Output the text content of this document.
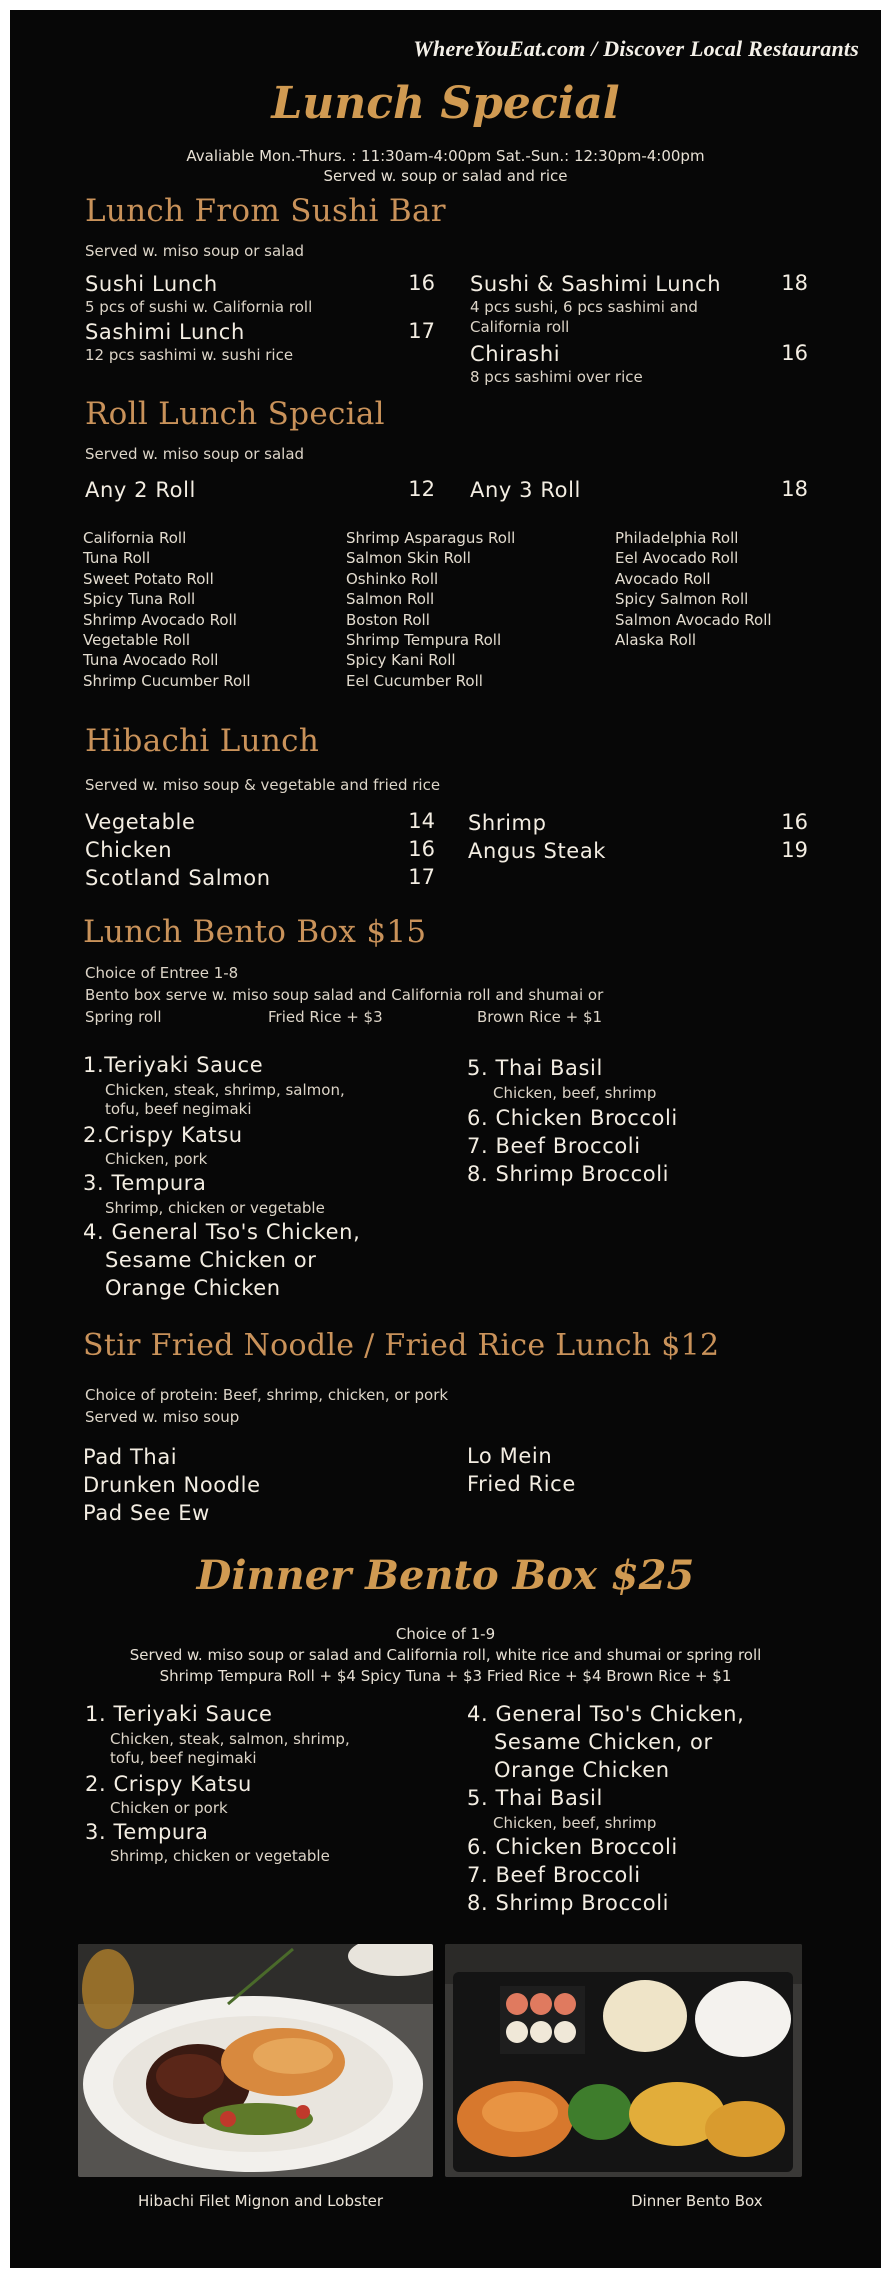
WhereYouEat.com / Discover Local Restaurants
Lunch Special
Avaliable Mon.-Thurs. : 11:30am-4:00pm Sat.-Sun.: 12:30pm-4:00pm
Served w. soup or salad and rice
Lunch From Sushi Bar
Served w. miso soup or salad
Sushi Lunch	16
5 pcs of sushi w. California roll
Sashimi Lunch	17
12 pcs sashimi w. sushi rice
Sushi & Sashimi Lunch	18
4 pcs sushi, 6 pcs sashimi and
California roll
Chirashi	16
8 pcs sashimi over rice
Roll Lunch Special
Served w. miso soup or salad
Any 2 Roll	12 Any 3 Roll	18
California Roll
Tuna Roll
Sweet Potato Roll
Spicy Tuna Roll
Shrimp Avocado Roll
Vegetable Roll
Tuna Avocado Roll
Shrimp Cucumber Roll
Shrimp Asparagus Roll
Salmon Skin Roll
Oshinko Roll
Salmon Roll
Boston Roll
Shrimp Tempura Roll
Spicy Kani Roll
Eel Cucumber Roll
Philadelphia Roll
Eel Avocado Roll
Avocado Roll
Spicy Salmon Roll
Salmon Avocado Roll
Alaska Roll
Hibachi Lunch
Served w. miso soup & vegetable and fried rice
Vegetable	14
Chicken	16
Scotland Salmon	17
Shrimp	16
Angus Steak	19
Lunch Bento Box $15
Choice of Entree 1-8
Bento box serve w. miso soup salad and California roll and shumai or
Spring roll	Fried Rice + $3	Brown Rice + $1
1.Teriyaki Sauce
Chicken, steak, shrimp, salmon,
tofu, beef negimaki
2.Crispy Katsu
Chicken, pork
3. Tempura
Shrimp, chicken or vegetable
4. General Tso's Chicken,
Sesame Chicken or
Orange Chicken
5. Thai Basil
Chicken, beef, shrimp
6. Chicken Broccoli
7. Beef Broccoli
8. Shrimp Broccoli
Stir Fried Noodle / Fried Rice Lunch $12
Choice of protein: Beef, shrimp, chicken, or pork
Served w. miso soup
Pad Thai
Drunken Noodle
Pad See Ew
Lo Mein
Fried Rice
Dinner Bento Box $25
Choice of 1-9
Served w. miso soup or salad and California roll, white rice and shumai or spring roll
Shrimp Tempura Roll + $4 Spicy Tuna + $3 Fried Rice + $4 Brown Rice + $1
1. Teriyaki Sauce
Chicken, steak, salmon, shrimp,
tofu, beef negimaki
2. Crispy Katsu
Chicken or pork
3. Tempura
Shrimp, chicken or vegetable
4. General Tso's Chicken,
Sesame Chicken, or
Orange Chicken
5. Thai Basil
Chicken, beef, shrimp
6. Chicken Broccoli
7. Beef Broccoli
8. Shrimp Broccoli
Hibachi Filet Mignon and Lobster	Dinner Bento Box
